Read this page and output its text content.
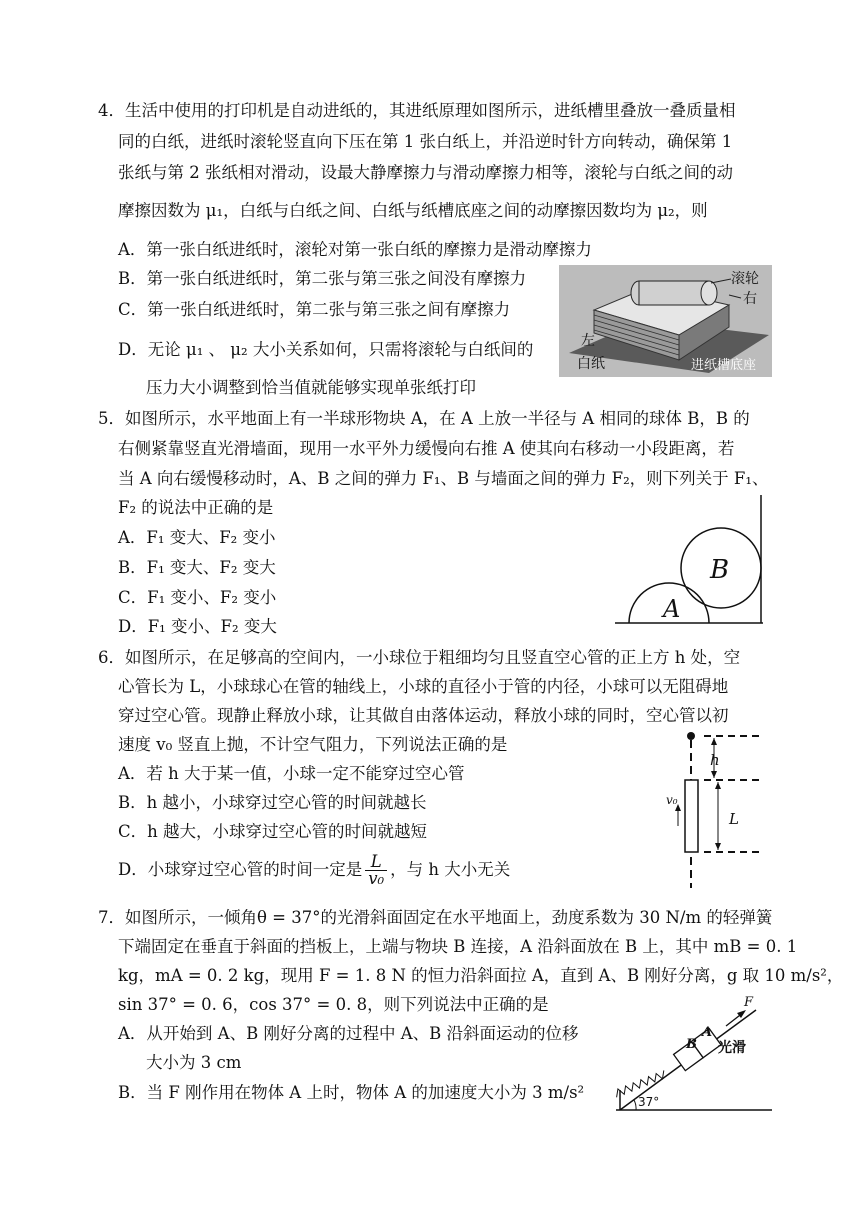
4．生活中使用的打印机是自动进纸的，其进纸原理如图所示，进纸槽里叠放一叠质量相
同的白纸，进纸时滚轮竖直向下压在第 1 张白纸上，并沿逆时针方向转动，确保第 1
张纸与第 2 张纸相对滑动，设最大静摩擦力与滑动摩擦力相等，滚轮与白纸之间的动
摩擦因数为 μ₁，白纸与白纸之间、白纸与纸槽底座之间的动摩擦因数均为 μ₂，则
A．第一张白纸进纸时，滚轮对第一张白纸的摩擦力是滑动摩擦力
B．第一张白纸进纸时，第二张与第三张之间没有摩擦力
C．第一张白纸进纸时，第二张与第三张之间有摩擦力
D．无论 μ₁ 、 μ₂ 大小关系如何，只需将滚轮与白纸间的
压力大小调整到恰当值就能够实现单张纸打印
滚轮
右
左
白纸	进纸槽底座
5．如图所示，水平地面上有一半球形物块 A，在 A 上放一半径与 A 相同的球体 B，B 的
右侧紧靠竖直光滑墙面，现用一水平外力缓慢向右推 A 使其向右移动一小段距离，若
当 A 向右缓慢移动时，A、B 之间的弹力 F₁、B 与墙面之间的弹力 F₂，则下列关于 F₁、
F₂ 的说法中正确的是
A．F₁ 变大、F₂ 变小
B．F₁ 变大、F₂ 变大
C．F₁ 变小、F₂ 变小
D．F₁ 变小、F₂ 变大
A
B
6．如图所示，在足够高的空间内，一小球位于粗细均匀且竖直空心管的正上方 h 处，空
心管长为 L，小球球心在管的轴线上，小球的直径小于管的内径，小球可以无阻碍地
穿过空心管。现静止释放小球，让其做自由落体运动，释放小球的同时，空心管以初
速度 v₀ 竖直上抛，不计空气阻力，下列说法正确的是
A．若 h 大于某一值，小球一定不能穿过空心管
B．h 越小，小球穿过空心管的时间就越长
C．h 越大，小球穿过空心管的时间就越短
D．小球穿过空心管的时间一定是 $\frac{L}{\text{v₀}}$ ，与 h 大小无关
h
L
v₀
7．如图所示，一倾角θ = 37°的光滑斜面固定在水平地面上，劲度系数为 30 N/m 的轻弹簧
下端固定在垂直于斜面的挡板上，上端与物块 B 连接，A 沿斜面放在 B 上，其中 mB = 0. 1
kg，mA = 0. 2 kg，现用 F = 1. 8 N 的恒力沿斜面拉 A，直到 A、B 刚好分离，g 取 10 m/s²，
sin 37° = 0. 6，cos 37° = 0. 8，则下列说法中正确的是
A．从开始到 A、B 刚好分离的过程中 A、B 沿斜面运动的位移
大小为 3 cm
B．当 F 刚作用在物体 A 上时，物体 A 的加速度大小为 3 m/s²
F
A
B 光滑
37°
